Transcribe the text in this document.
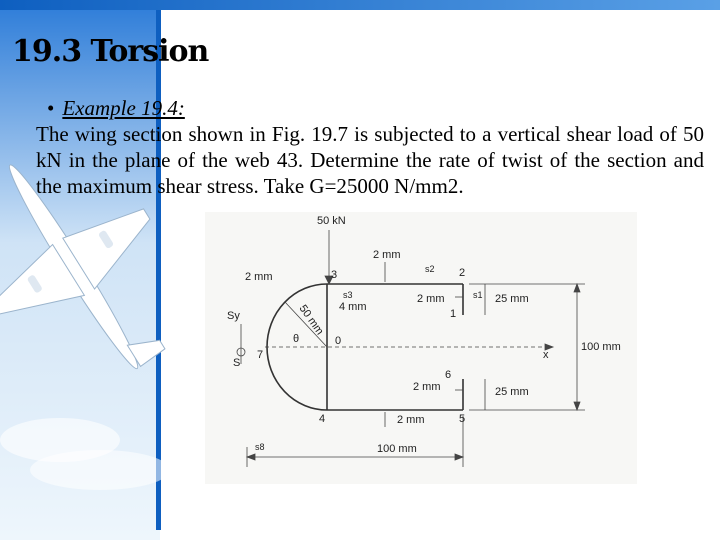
19.3 Torsion
• Example 19.4:
The wing section shown in Fig. 19.7 is subjected to a vertical shear load of 50 kN in the plane of the web 43. Determine the rate of twist of the section and the maximum shear stress. Take G=25000 N/mm2.
50 kN
2 mm
2 mm
4 mm
2 mm
2 mm
2 mm
50 mm
25 mm
25 mm
100 mm
100 mm
Sy
S
x
θ	0
1
2
3
4	5
6
7
s1
s2
s3
s8
